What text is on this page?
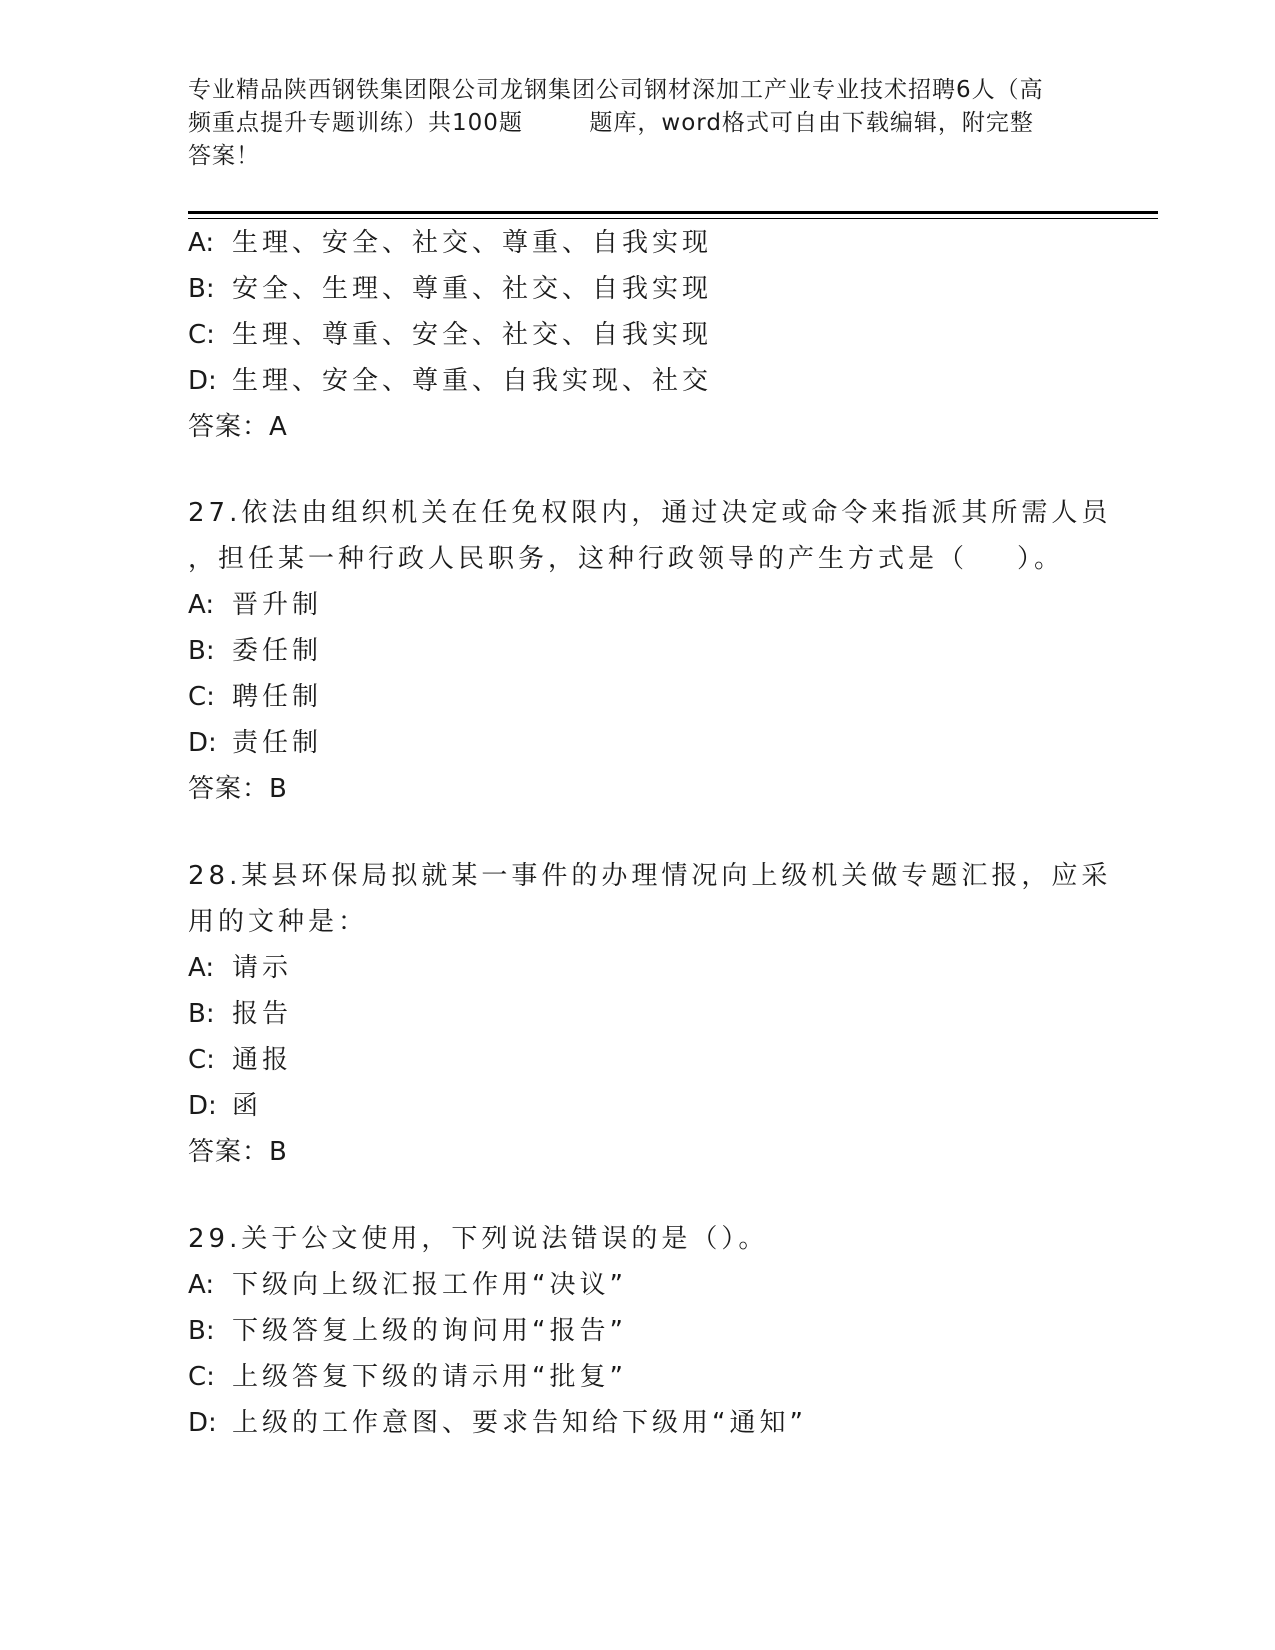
专业精品陕西钢铁集团限公司龙钢集团公司钢材深加工产业专业技术招聘6人（高
频重点提升专题训练）共100题        题库，word格式可自由下载编辑，附完整
答案！
A: 生理、安全、社交、尊重、自我实现
B: 安全、生理、尊重、社交、自我实现
C: 生理、尊重、安全、社交、自我实现
D: 生理、安全、尊重、自我实现、社交
答案：A
27.依法由组织机关在任免权限内，通过决定或命令来指派其所需人员
，担任某一种行政人民职务，这种行政领导的产生方式是（    ）。
A: 晋升制
B: 委任制
C: 聘任制
D: 责任制
答案：B
28.某县环保局拟就某一事件的办理情况向上级机关做专题汇报，应采
用的文种是：
A: 请示
B: 报告
C: 通报
D: 函
答案：B
29.关于公文使用，下列说法错误的是（）。
A: 下级向上级汇报工作用“决议”
B: 下级答复上级的询问用“报告”
C: 上级答复下级的请示用“批复”
D: 上级的工作意图、要求告知给下级用“通知”
